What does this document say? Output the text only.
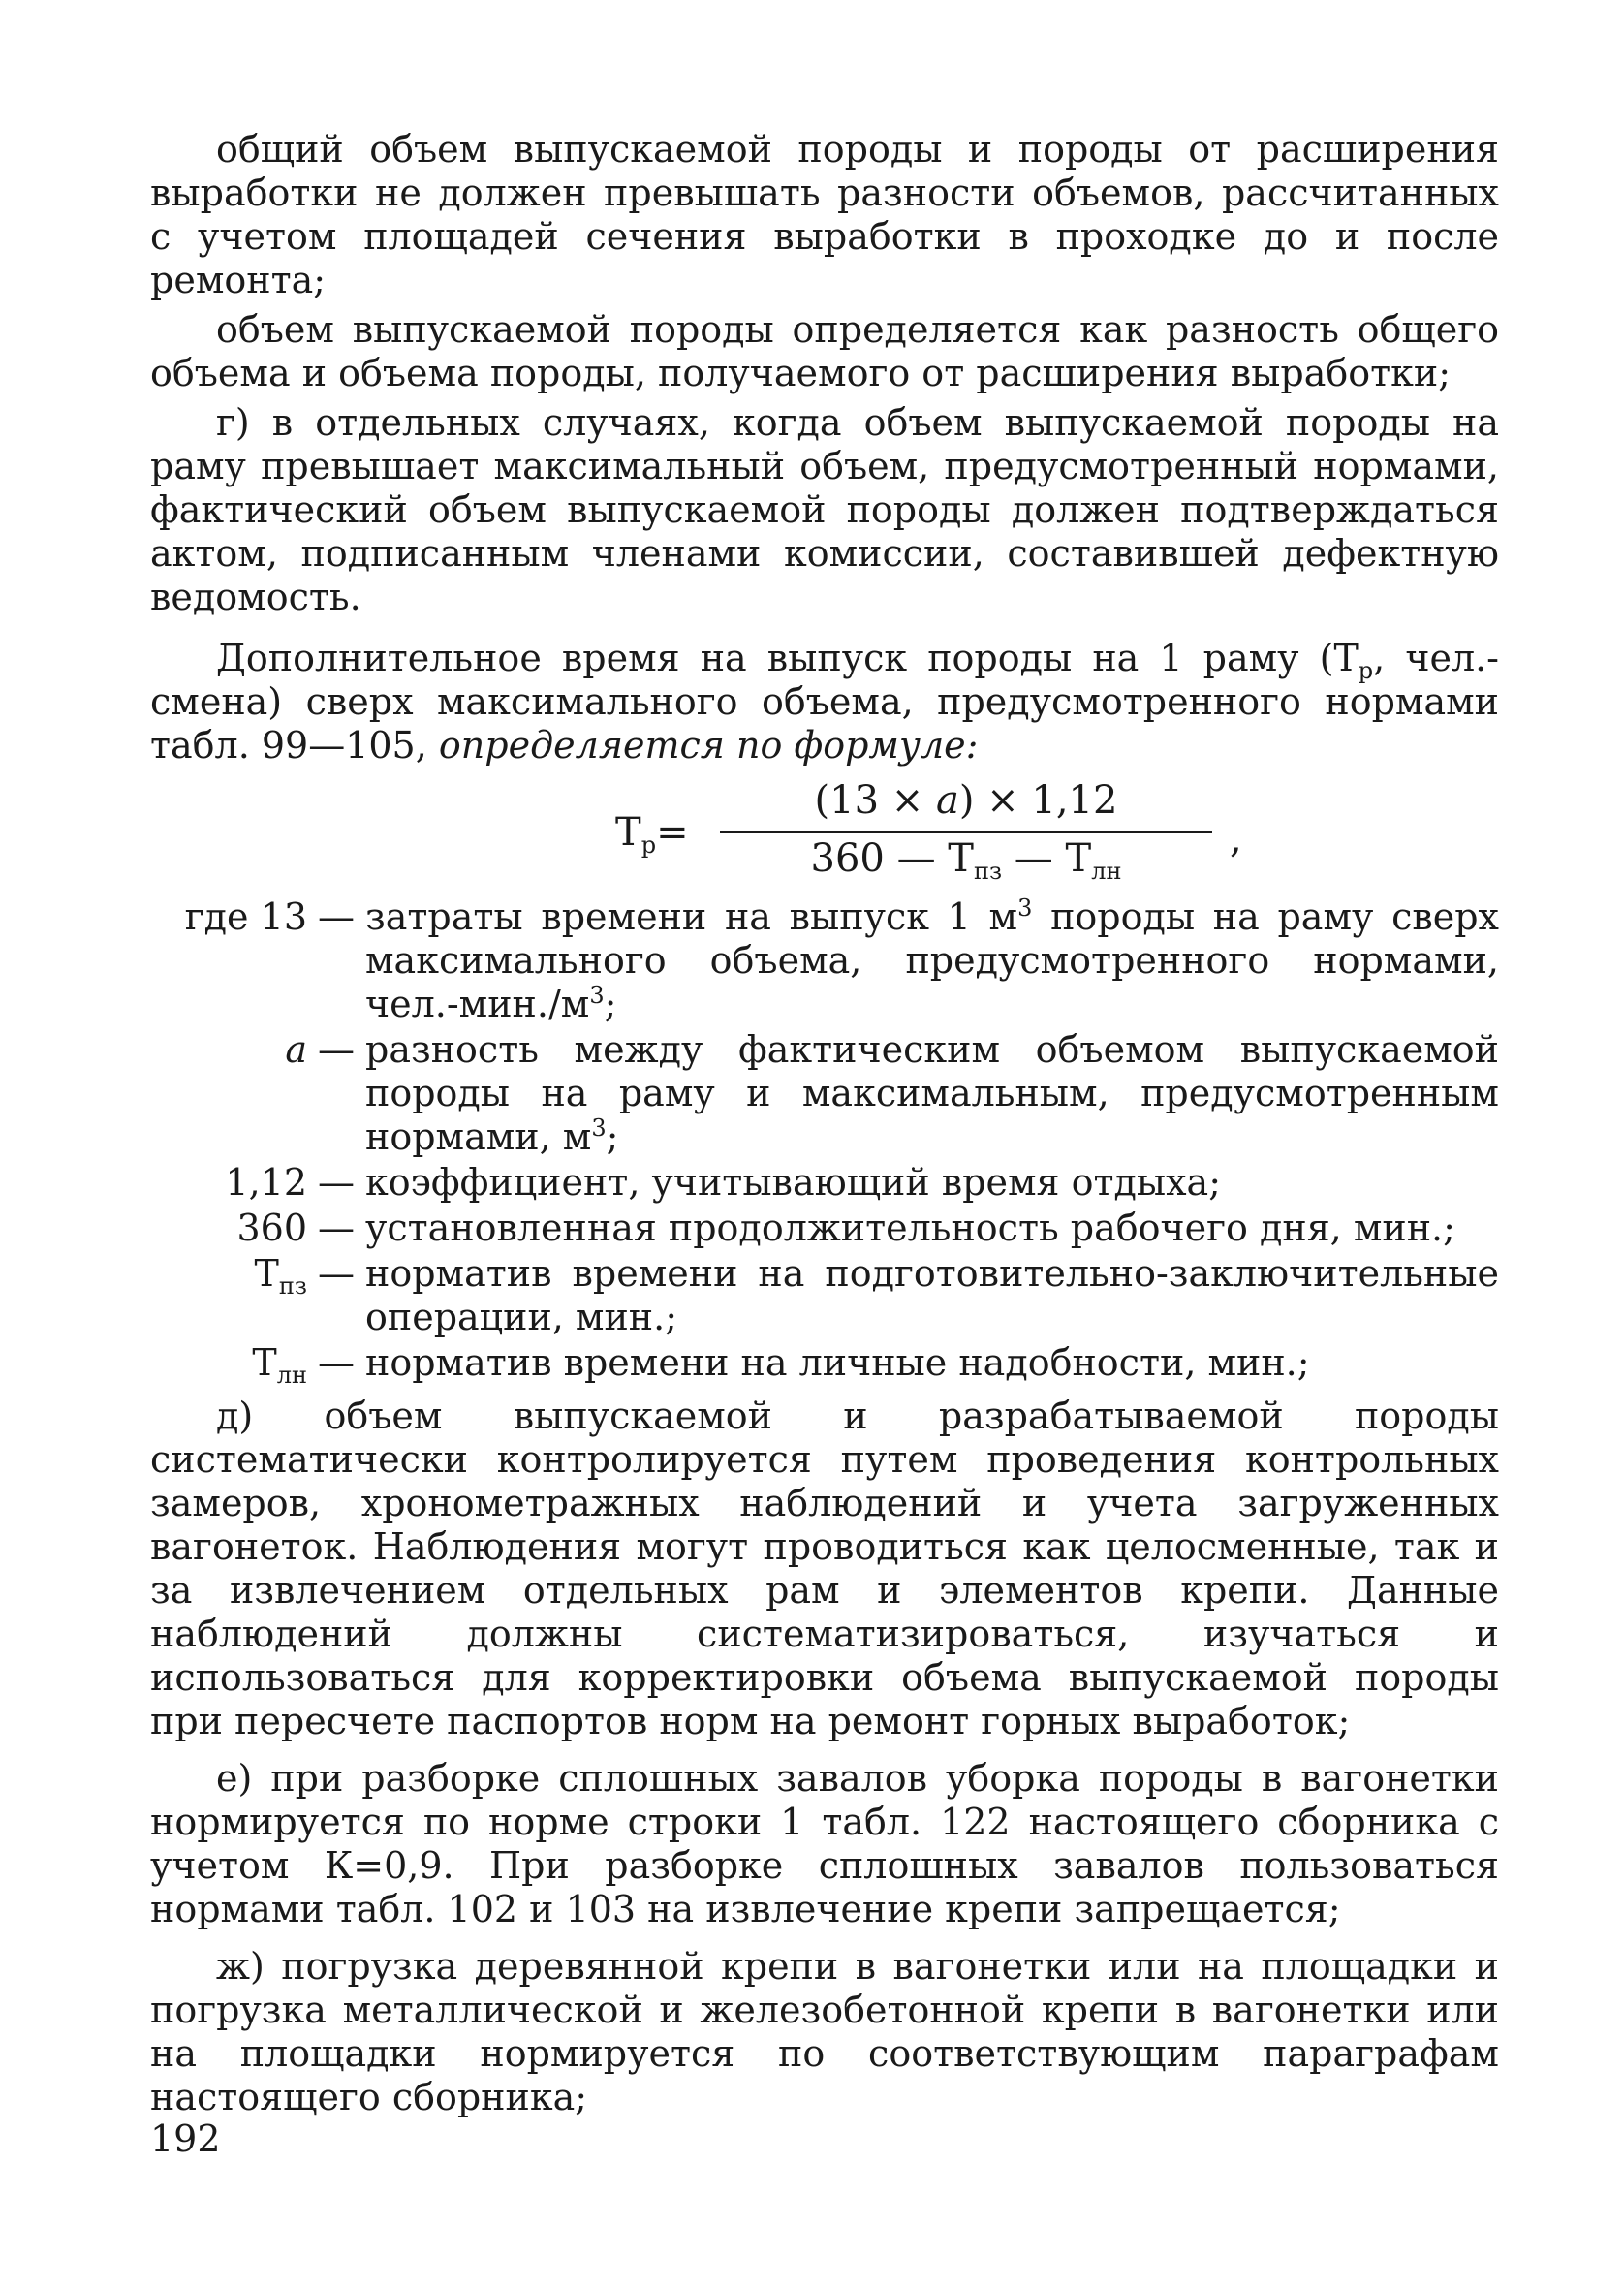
общий объем выпускаемой породы и породы от расширения выработки не должен превышать разности объемов, рассчитанных с учетом площадей сечения выработки в проходке до и после ремонта;

объем выпускаемой породы определяется как разность общего объема и объема породы, получаемого от расширения выработки;

г) в отдельных случаях, когда объем выпускаемой породы на раму превышает максимальный объем, предусмотренный нормами, фактический объем выпускаемой породы должен подтверждаться актом, подписанным членами комиссии, составившей дефектную ведомость.

Дополнительное время на выпуск породы на 1 раму ($Т_р$, чел.-смена) сверх максимального объема, предусмотренного нормами табл. 99—105, определяется по формуле:

$Т_р=$
(13 × a) × 1,12
360 — $Т_{пз}$ — $Т_{лн}$
,
где 13	—	затраты времени на выпуск 1 $м^3$ породы на раму сверх максимального объема, предусмотренного нормами, $чел.-мин./м^3$;
a	—	разность между фактическим объемом выпускаемой породы на раму и максимальным, предусмотренным нормами, $м^3$;
1,12	—	коэффициент, учитывающий время отдыха;
360	—	установленная продолжительность рабочего дня, мин.;
$Т_{пз}$	—	норматив времени на подготовительно-заключительные операции, мин.;
$Т_{лн}$	—	норматив времени на личные надобности, мин.;

д) объем выпускаемой и разрабатываемой породы систематически контролируется путем проведения контрольных замеров, хронометражных наблюдений и учета загруженных вагонеток. Наблюдения могут проводиться как целосменные, так и за извлечением отдельных рам и элементов крепи. Данные наблюдений должны систематизироваться, изучаться и использоваться для корректировки объема выпускаемой породы при пересчете паспортов норм на ремонт горных выработок;

е) при разборке сплошных завалов уборка породы в вагонетки нормируется по норме строки 1 табл. 122 настоящего сборника с учетом К=0,9. При разборке сплошных завалов пользоваться нормами табл. 102 и 103 на извлечение крепи запрещается;

ж) погрузка деревянной крепи в вагонетки или на площадки и погрузка металлической и железобетонной крепи в вагонетки или на площадки нормируется по соответствующим параграфам настоящего сборника;

192
